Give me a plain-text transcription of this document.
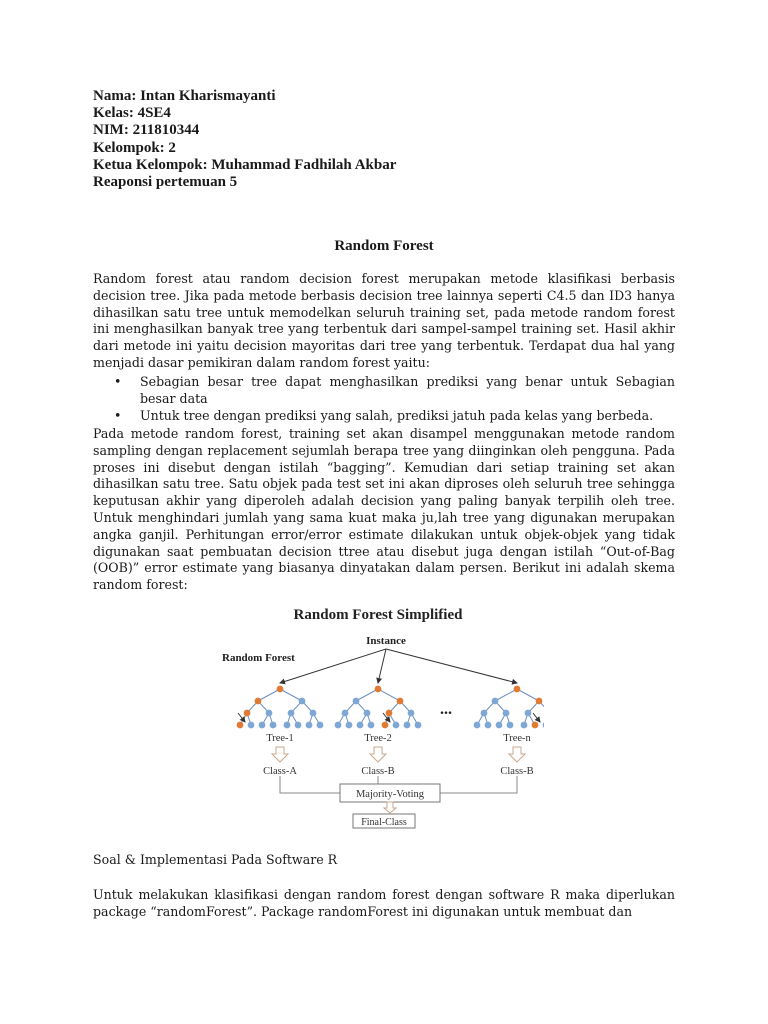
Nama: Intan Kharismayanti
Kelas: 4SE4
NIM: 211810344
Kelompok: 2
Ketua Kelompok: Muhammad Fadhilah Akbar
Reaponsi pertemuan 5
Random Forest

Random forest atau random decision forest merupakan metode klasifikasi berbasis decision tree. Jika pada metode berbasis decision tree lainnya seperti C4.5 dan ID3 hanya dihasilkan satu tree untuk memodelkan seluruh training set, pada metode random forest ini menghasilkan banyak tree yang terbentuk dari sampel-sampel training set. Hasil akhir dari metode ini yaitu decision mayoritas dari tree yang terbentuk. Terdapat dua hal yang menjadi dasar pemikiran dalam random forest yaitu:

• Sebagian besar tree dapat menghasilkan prediksi yang benar untuk Sebagian besar data
• Untuk tree dengan prediksi yang salah, prediksi jatuh pada kelas yang berbeda.

Pada metode random forest, training set akan disampel menggunakan metode random sampling dengan replacement sejumlah berapa tree yang diinginkan oleh pengguna. Pada proses ini disebut dengan istilah “bagging”. Kemudian dari setiap training set akan dihasilkan satu tree. Satu objek pada test set ini akan diproses oleh seluruh tree sehingga keputusan akhir yang diperoleh adalah decision yang paling banyak terpilih oleh tree. Untuk menghindari jumlah yang sama kuat maka ju,lah tree yang digunakan merupakan angka ganjil. Perhitungan error/error estimate dilakukan untuk objek-objek yang tidak digunakan saat pembuatan decision ttree atau disebut juga dengan istilah “Out-of-Bag (OOB)” error estimate yang biasanya dinyatakan dalam persen. Berikut ini adalah skema random forest:

Random Forest Simplified
Instance
Random Forest
Tree-1
Class-A
Tree-2
Class-B
Tree-n
Class-B
...
Majority-Voting
Final-Class
Soal & Implementasi Pada Software R

Untuk melakukan klasifikasi dengan random forest dengan software R maka diperlukan package “randomForest”. Package randomForest ini digunakan untuk membuat dan
